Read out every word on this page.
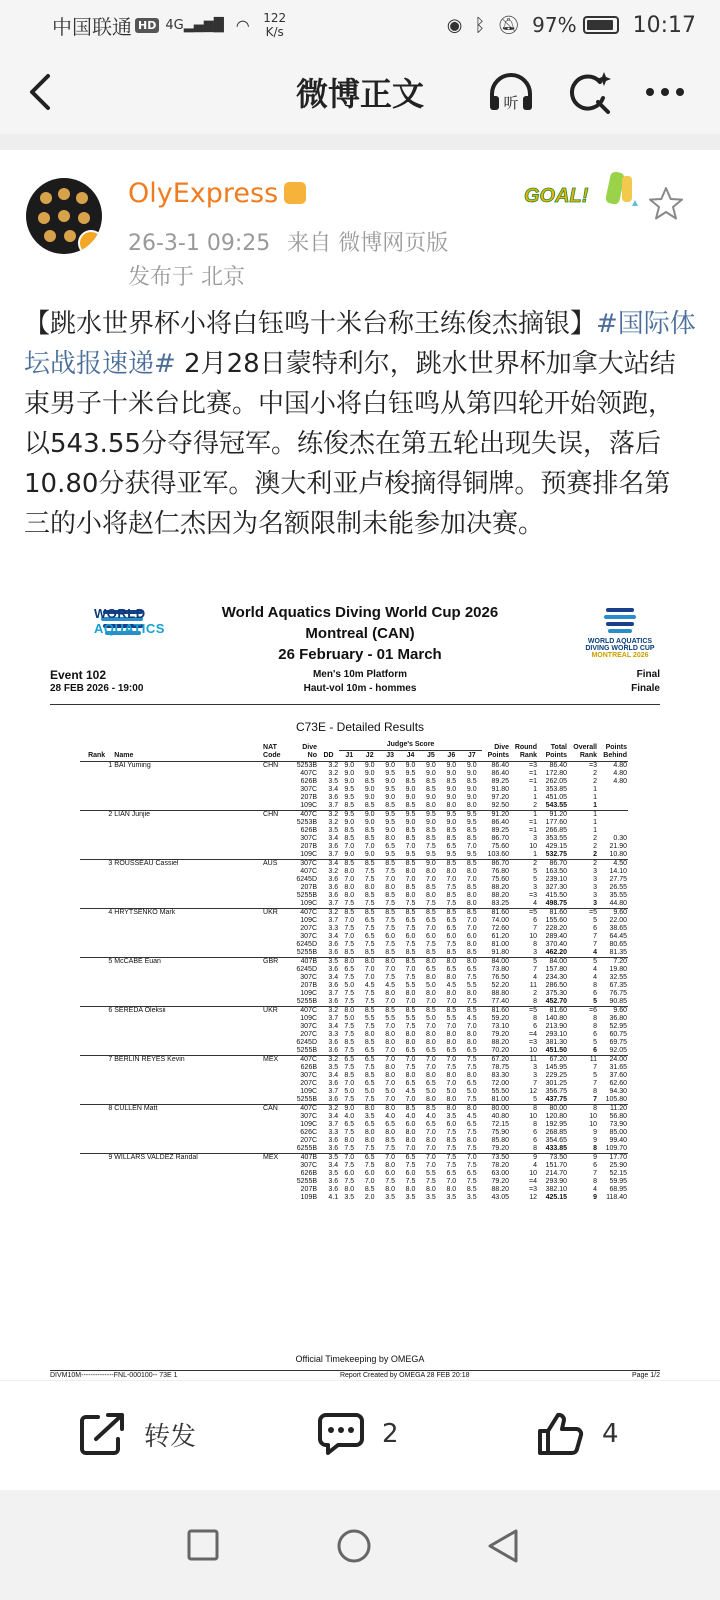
中国联通 HD 4G▂▄▆█ ◠	122
K/s	◉ ᛒ 🔕︎ 97%	10:17
微博正文	听
OlyExpress
26-3-1 09:25 来自 微博网页版
发布于 北京
GOAL!
【跳水世界杯小将白钰鸣十米台称王练俊杰摘银】#国际体坛战报速递# 2月28日蒙特利尔，跳水世界杯加拿大站结束男子十米台比赛。中国小将白钰鸣从第四轮开始领跑，以543.55分夺得冠军。练俊杰在第五轮出现失误，落后10.80分获得亚军。澳大利亚卢梭摘得铜牌。预赛排名第三的小将赵仁杰因为名额限制未能参加决赛。
WORLD
AQUATICS
World Aquatics Diving World Cup 2026
Montreal (CAN)
26 February - 01 March
WORLD AQUATICS
DIVING WORLD CUP
MONTREAL 2026
Event 102
28 FEB 2026 - 19:00
Men's 10m Platform
Haut-vol 10m - hommes
Final
Finale
C73E - Detailed Results
Rank	Name	NAT Code	Dive No	DD	Judge's Score							Dive Points	Round Rank	Total Points	Overall Rank	Points Behind
					J1	J2	J3	J4	J5	J6	J7					
1	BAI Yuming	CHN	5253B	3.2	9.0	9.0	9.0	9.0	9.0	9.0	9.0	86.40	=3	86.40	=3	4.80
			407C	3.2	9.0	9.0	9.5	9.5	9.0	9.0	9.0	86.40	=1	172.80	2	4.80
			626B	3.5	9.0	8.5	9.0	8.5	8.5	8.5	8.5	89.25	=1	262.05	2	4.80
			307C	3.4	9.5	9.0	9.5	9.0	8.5	9.0	9.0	91.80	1	353.85	1	
			207B	3.6	9.5	9.0	9.0	9.0	9.0	9.0	9.0	97.20	1	451.05	1	
			109C	3.7	8.5	8.5	8.5	8.5	8.0	8.0	8.0	92.50	2	543.55	1	
2	LIAN Junjie	CHN	407C	3.2	9.5	9.0	9.5	9.5	9.5	9.5	9.5	91.20	1	91.20	1	
			5253B	3.2	9.0	9.0	9.5	9.0	9.0	9.0	9.5	86.40	=1	177.60	1	
			626B	3.5	8.5	8.5	9.0	8.5	8.5	8.5	8.5	89.25	=1	266.85	1	
			307C	3.4	8.5	8.5	8.0	8.5	8.5	8.5	8.5	86.70	3	353.55	2	0.30
			207B	3.6	7.0	7.0	6.5	7.0	7.5	6.5	7.0	75.60	10	429.15	2	21.90
			109C	3.7	9.0	9.0	9.5	9.5	9.5	9.5	9.5	103.60	1	532.75	2	10.80
3	ROUSSEAU Cassiel	AUS	307C	3.4	8.5	8.5	8.5	8.5	9.0	8.5	8.5	86.70	2	86.70	2	4.50
			407C	3.2	8.0	7.5	7.5	8.0	8.0	8.0	8.0	76.80	5	163.50	3	14.10
			6245D	3.6	7.0	7.5	7.0	7.0	7.0	7.0	7.0	75.60	5	239.10	3	27.75
			207B	3.6	8.0	8.0	8.0	8.5	8.5	7.5	8.5	88.20	3	327.30	3	26.55
			5255B	3.6	8.0	8.5	8.5	8.0	8.0	8.5	8.0	88.20	=3	415.50	3	35.55
			109C	3.7	7.5	7.5	7.5	7.5	7.5	7.5	8.0	83.25	4	498.75	3	44.80
4	HRYTSENKO Mark	UKR	407C	3.2	8.5	8.5	8.5	8.5	8.5	8.5	8.5	81.60	=5	81.60	=5	9.60
			109C	3.7	7.0	6.5	7.5	6.5	6.5	6.5	7.0	74.00	6	155.60	5	22.00
			207C	3.3	7.5	7.5	7.5	7.5	7.0	6.5	7.0	72.60	7	228.20	6	38.65
			307C	3.4	7.0	6.5	6.0	6.0	6.0	6.0	6.0	61.20	10	289.40	7	64.45
			6245D	3.6	7.5	7.5	7.5	7.5	7.5	7.5	8.0	81.00	8	370.40	7	80.65
			5255B	3.6	8.5	8.5	8.5	8.5	8.5	8.5	8.5	91.80	3	462.20	4	81.35
5	McCABE Euan	GBR	407B	3.5	8.0	8.0	8.0	8.5	8.0	8.0	8.0	84.00	5	84.00	5	7.20
			6245D	3.6	6.5	7.0	7.0	7.0	6.5	6.5	6.5	73.80	7	157.80	4	19.80
			307C	3.4	7.5	7.0	7.5	7.5	8.0	8.0	7.5	76.50	4	234.30	4	32.55
			207B	3.6	5.0	4.5	4.5	5.5	5.0	4.5	5.5	52.20	11	286.50	8	67.35
			109C	3.7	7.5	7.5	8.0	8.0	8.0	8.0	8.0	88.80	2	375.30	6	76.75
			5255B	3.6	7.5	7.5	7.0	7.0	7.0	7.0	7.5	77.40	8	452.70	5	90.85
6	SEREDA Oleksii	UKR	407C	3.2	8.0	8.5	8.5	8.5	8.5	8.5	8.5	81.60	=5	81.60	=6	9.60
			109C	3.7	5.0	5.5	5.5	5.5	5.0	5.5	4.5	59.20	8	140.80	8	36.80
			307C	3.4	7.5	7.5	7.0	7.5	7.0	7.0	7.0	73.10	6	213.90	8	52.95
			207C	3.3	7.5	8.0	8.0	8.0	8.0	8.0	8.0	79.20	=4	293.10	6	60.75
			6245D	3.6	8.5	8.5	8.0	8.0	8.0	8.0	8.0	88.20	=3	381.30	5	69.75
			5255B	3.6	7.5	6.5	7.0	6.5	6.5	6.5	6.5	70.20	10	451.50	6	92.05
7	BERLIN REYES Kevin	MEX	407C	3.2	6.5	6.5	7.0	7.0	7.0	7.0	7.5	67.20	11	67.20	11	24.00
			626B	3.5	7.5	7.5	8.0	7.5	7.0	7.5	7.5	78.75	3	145.95	7	31.65
			307C	3.4	8.5	8.5	8.0	8.0	8.0	8.0	8.0	83.30	3	229.25	5	37.60
			207C	3.6	7.0	6.5	7.0	6.5	6.5	7.0	6.5	72.00	7	301.25	7	62.60
			109C	3.7	5.0	5.0	5.0	4.5	5.0	5.0	5.0	55.50	12	356.75	8	94.30
			5255B	3.6	7.5	7.5	7.0	7.0	8.0	8.0	7.5	81.00	5	437.75	7	105.80
8	CULLEN Matt	CAN	407C	3.2	9.0	8.0	8.0	8.5	8.5	8.0	8.0	80.00	8	80.00	8	11.20
			307C	3.4	4.0	3.5	4.0	4.0	4.0	3.5	4.5	40.80	10	120.80	10	56.80
			109C	3.7	6.5	6.5	6.5	6.0	6.5	6.0	6.5	72.15	8	192.95	10	73.90
			626C	3.3	7.5	8.0	8.0	8.0	7.0	7.5	7.5	75.90	6	268.85	9	85.00
			207C	3.6	8.0	8.0	8.5	8.0	8.0	8.5	8.0	85.80	6	354.65	9	99.40
			6255B	3.6	7.5	7.5	7.5	7.0	7.0	7.5	7.5	79.20	8	433.85	8	109.70
9	WILLARS VALDEZ Randal	MEX	407B	3.5	7.0	6.5	7.0	6.5	7.0	7.5	7.0	73.50	9	73.50	9	17.70
			307C	3.4	7.5	7.5	8.0	7.5	7.0	7.5	7.5	78.20	4	151.70	6	25.90
			626B	3.5	6.0	6.0	6.0	6.0	5.5	6.5	6.5	63.00	10	214.70	7	52.15
			5255B	3.6	7.5	7.0	7.5	7.5	7.5	7.0	7.5	79.20	=4	293.90	8	59.95
			207B	3.6	8.0	8.5	8.0	8.0	8.0	8.0	8.5	88.20	=3	382.10	4	68.95
			109B	4.1	3.5	2.0	3.5	3.5	3.5	3.5	3.5	43.05	12	425.15	9	118.40
Official Timekeeping by OMEGA
DIVM10M--------------FNL-000100-- 73E 1	Report Created by OMEGA 28 FEB 20:18	Page 1/2
转发	2	4
